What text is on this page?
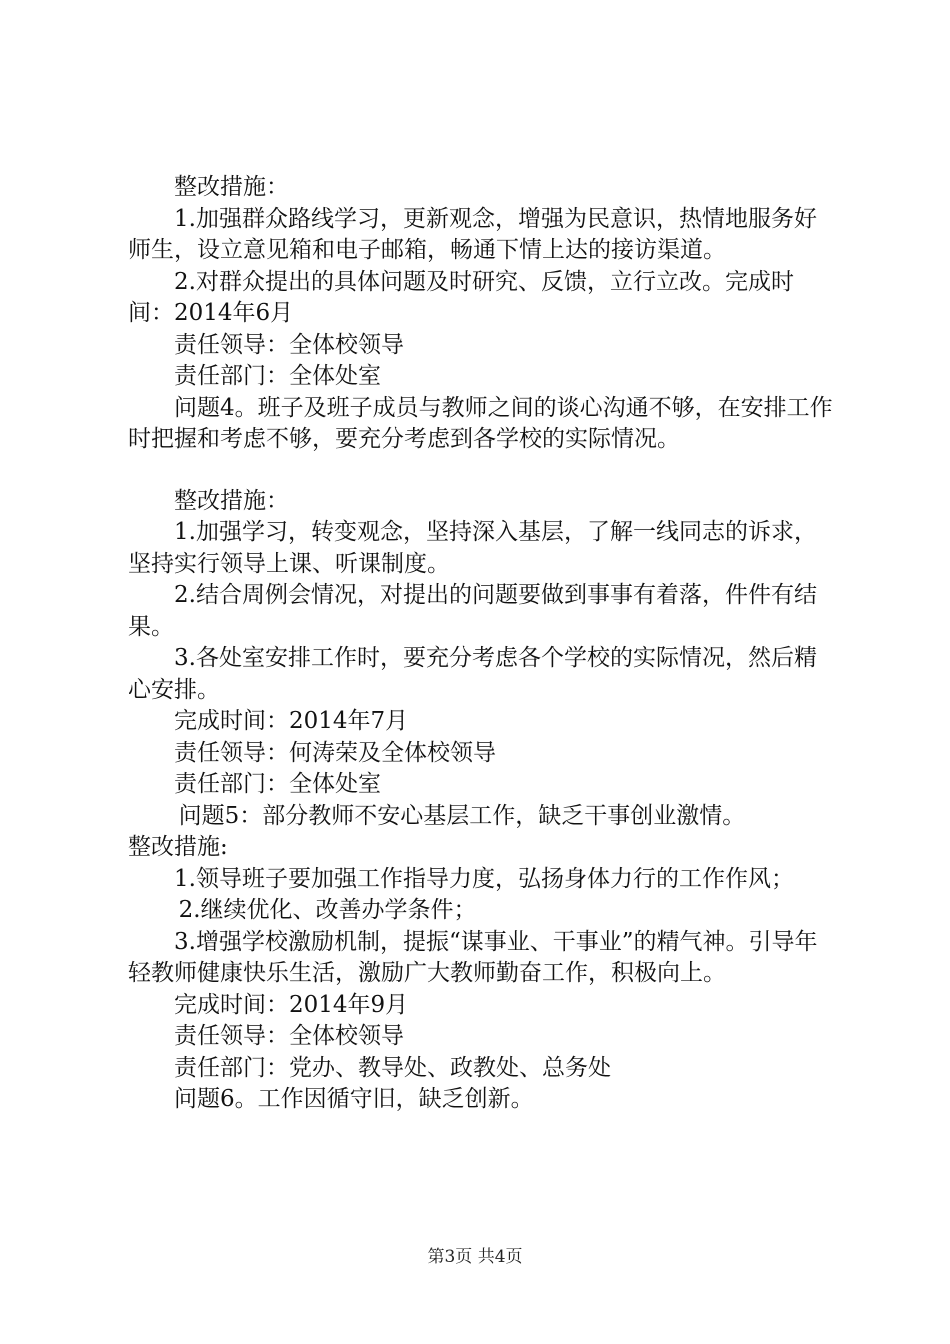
整改措施：

1.加强群众路线学习，更新观念，增强为民意识，热情地服务好师生，设立意见箱和电子邮箱，畅通下情上达的接访渠道。

2.对群众提出的具体问题及时研究、反馈，立行立改。完成时间：2014年6月

责任领导：全体校领导

责任部门：全体处室

问题4。班子及班子成员与教师之间的谈心沟通不够，在安排工作时把握和考虑不够，要充分考虑到各学校的实际情况。

整改措施：

1.加强学习，转变观念，坚持深入基层，了解一线同志的诉求，坚持实行领导上课、听课制度。

2.结合周例会情况，对提出的问题要做到事事有着落，件件有结果。

3.各处室安排工作时，要充分考虑各个学校的实际情况，然后精心安排。

完成时间：2014年7月

责任领导：何涛荣及全体校领导

责任部门：全体处室

问题5：部分教师不安心基层工作，缺乏干事创业激情。

整改措施:

1.领导班子要加强工作指导力度，弘扬身体力行的工作作风；

2.继续优化、改善办学条件；

3.增强学校激励机制，提振“谋事业、干事业”的精气神。引导年轻教师健康快乐生活，激励广大教师勤奋工作，积极向上。

完成时间：2014年9月

责任领导：全体校领导

责任部门：党办、教导处、政教处、总务处

问题6。工作因循守旧，缺乏创新。

第3页 共4页
